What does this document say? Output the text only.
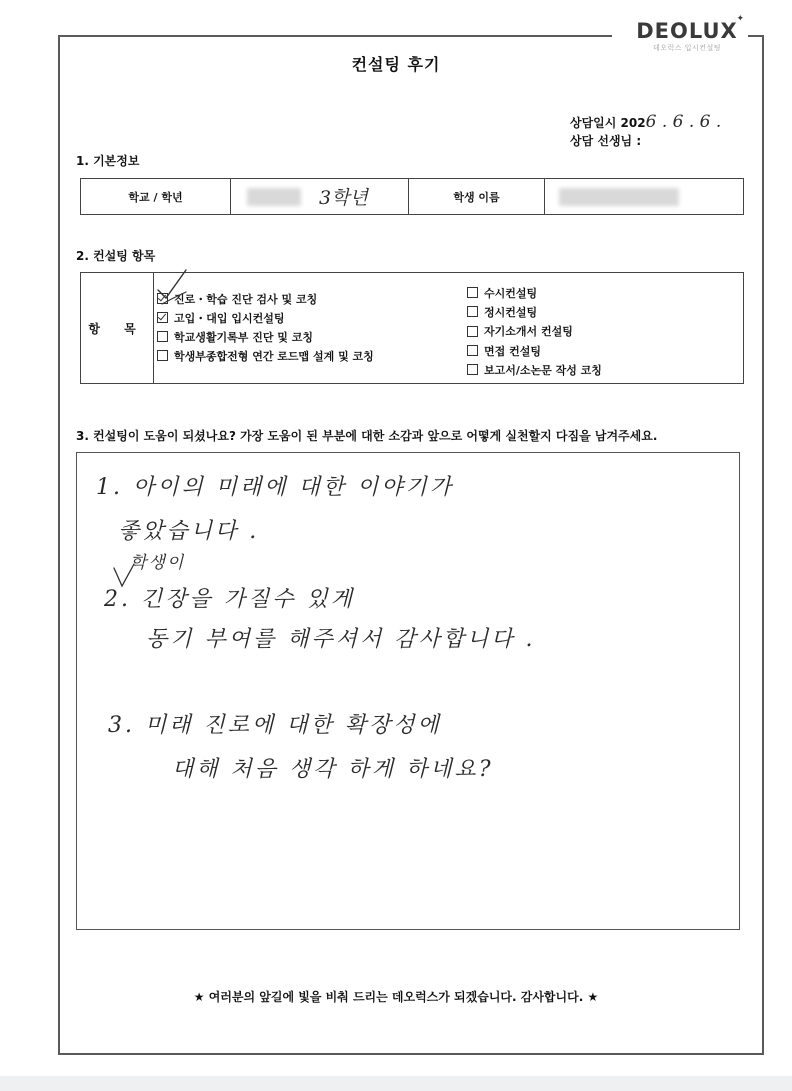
DEOLUX
✦
데오럭스 입시컨설팅
컨설팅 후기
상담일시 2026 . 6 . 6 .
상담 선생님 :
1. 기본정보
학교 / 학년	3학년	학생 이름
2. 컨설팅 항목
항 목
진로・학습 진단 검사 및 코칭
고입・대입 입시컨설팅
학교생활기록부 진단 및 코칭
학생부종합전형 연간 로드맵 설계 및 코칭
수시컨설팅
정시컨설팅
자기소개서 컨설팅
면접 컨설팅
보고서/소논문 작성 코칭
3. 컨설팅이 도움이 되셨나요? 가장 도움이 된 부분에 대한 소감과 앞으로 어떻게 실천할지 다짐을 남겨주세요.
1. 아이의 미래에 대한 이야기가
좋았습니다 .
학생이
2. 긴장을 가질수 있게
동기 부여를 해주셔서 감사합니다 .
3. 미래 진로에 대한 확장성에
대해 처음 생각 하게 하네요?
★ 여러분의 앞길에 빛을 비춰 드리는 데오럭스가 되겠습니다. 감사합니다. ★
